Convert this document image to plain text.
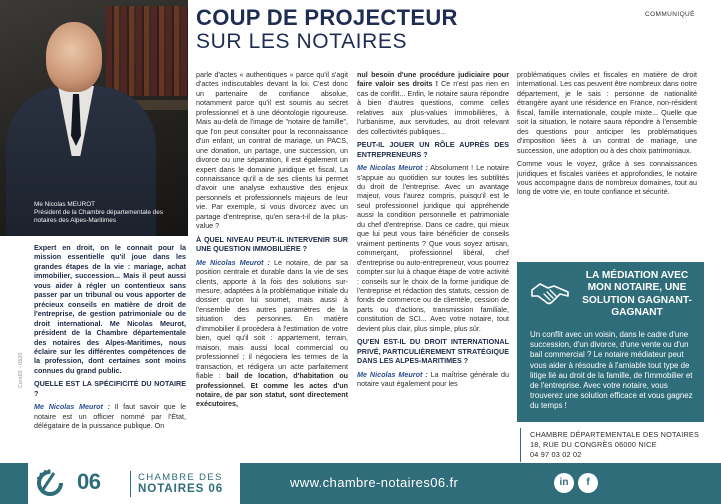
Me Nicolas MEUROT
Président de la Chambre départementale des notaires des Alpes-Maritimes
Cors02 - 0620
COUP DE PROJECTEUR
SUR LES NOTAIRES
COMMUNIQUÉ

Expert en droit, on le connait pour la mission essentielle qu'il joue dans les grandes étapes de la vie : mariage, achat immobilier, succession... Mais il peut aussi vous aider à régler un contentieux sans passer par un tribunal ou vous apporter de précieux conseils en matière de droit de l'entreprise, de gestion patrimoniale ou de droit international. Me Nicolas Meurot, président de la Chambre départementale des notaires des Alpes-Maritimes, nous éclaire sur les différentes compétences de la profession, dont certaines sont moins connues du grand public.

QUELLE EST LA SPÉCIFICITÉ DU NOTAIRE ?

Me Nicolas Meurot : Il faut savoir que le notaire est un officier nommé par l'État, délégataire de la puissance publique. On

parle d'actes « authentiques » parce qu'il s'agit d'actes indiscutables devant la loi. C'est donc un partenaire de confiance absolue, notamment parce qu'il est soumis au secret professionnel et à une déontologie rigoureuse. Mais au-delà de l'image de "notaire de famille", que l'on peut consulter pour la reconnaissance d'un enfant, un contrat de mariage, un PACS, une donation, un partage, une succession, un divorce ou une séparation, il est également un expert dans le domaine juridique et fiscal. La connaissance qu'il a de ses clients lui permet d'avoir une analyse exhaustive des enjeux personnels et professionnels majeurs de leur vie. Par exemple, si vous divorcez avec un partage d'entreprise, qu'en sera-t-il de la plus-value ?

À QUEL NIVEAU PEUT-IL INTERVENIR SUR UNE QUESTION IMMOBILIÈRE ?

Me Nicolas Meurot : Le notaire, de par sa position centrale et durable dans la vie de ses clients, apporte à la fois des solutions sur-mesure, adaptées à la problématique initiale du dossier qu'on lui soumet, mais aussi à l'ensemble des autres paramètres de la situation des personnes. En matière d'immobilier il procèdera à l'estimation de votre bien, quel qu'il soit : appartement, terrain, maison, mais aussi local commercial ou professionnel ; il négociera les termes de la transaction, et rédigera un acte parfaitement fiable : bail de location, d'habitation ou professionnel. Et comme les actes d'un notaire, de par son statut, sont directement exécutoires,

nul besoin d'une procédure judiciaire pour faire valoir ses droits ! Ce n'est pas rien en cas de conflit... Enfin, le notaire saura répondre à bien d'autres questions, comme celles relatives aux plus-values immobilières, à l'urbanisme, aux servitudes, au droit relevant des collectivités publiques...

PEUT-IL JOUER UN RÔLE AUPRÈS DES ENTREPRENEURS ?

Me Nicolas Meurot : Absolument ! Le notaire s'appuie au quotidien sur toutes les subtilités du droit de l'entreprise. Avec un avantage majeur, vous l'aurez compris, puisqu'il est le seul professionnel juridique qui appréhende aussi la condition personnelle et patrimoniale du chef d'entreprise. Dans ce cadre, qui mieux que lui peut vous faire bénéficier de conseils vraiment pertinents ? Que vous soyez artisan, commerçant, professionnel libéral, chef d'entreprise ou auto-entrepreneur, vous pourrez compter sur lui à chaque étape de votre activité : conseils sur le choix de la forme juridique de l'entreprise et rédaction des statuts, cession de fonds de commerce ou de clientèle, cession de parts ou d'actions, transmission familiale, constitution de SCI... Avec votre notaire, tout devient plus clair, plus simple, plus sûr.

QU'EN EST-IL DU DROIT INTERNATIONAL PRIVÉ, PARTICULIÈREMENT STRATÉGIQUE DANS LES ALPES-MARITIMES ?

Me Nicolas Meurot : La maîtrise générale du notaire vaut également pour les

problématiques civiles et fiscales en matière de droit international. Les cas peuvent être nombreux dans notre département, je le sais : personne de nationalité étrangère ayant une résidence en France, non-résident fiscal, famille internationale, couple mixte... Quelle que soit la situation, le notaire saura répondre à l'ensemble des questions pour anticiper les problématiques d'imposition liées à un contrat de mariage, une succession, une adoption ou à des choix patrimoniaux.

Comme vous le voyez, grâce à ses connaissances juridiques et fiscales variées et approfondies, le notaire vous accompagne dans de nombreux domaines, tout au long de votre vie, en toute confiance et sécurité.

LA MÉDIATION AVEC MON NOTAIRE, UNE SOLUTION GAGNANT-GAGNANT
Un conflit avec un voisin, dans le cadre d'une succession, d'un divorce, d'une vente ou d'un bail commercial ? Le notaire médiateur peut vous aider à résoudre à l'amiable tout type de litige lié au droit de la famille, de l'immobilier et de l'entreprise. Avec votre notaire, vous trouverez une solution efficace et vous gagnez du temps !
CHAMBRE DÉPARTEMENTALE DES NOTAIRES
18, RUE DU CONGRÈS 06000 NICE
04 97 03 02 02
06	CHAMBRE DES
NOTAIRES 06	www.chambre-notaires06.fr	in	f
